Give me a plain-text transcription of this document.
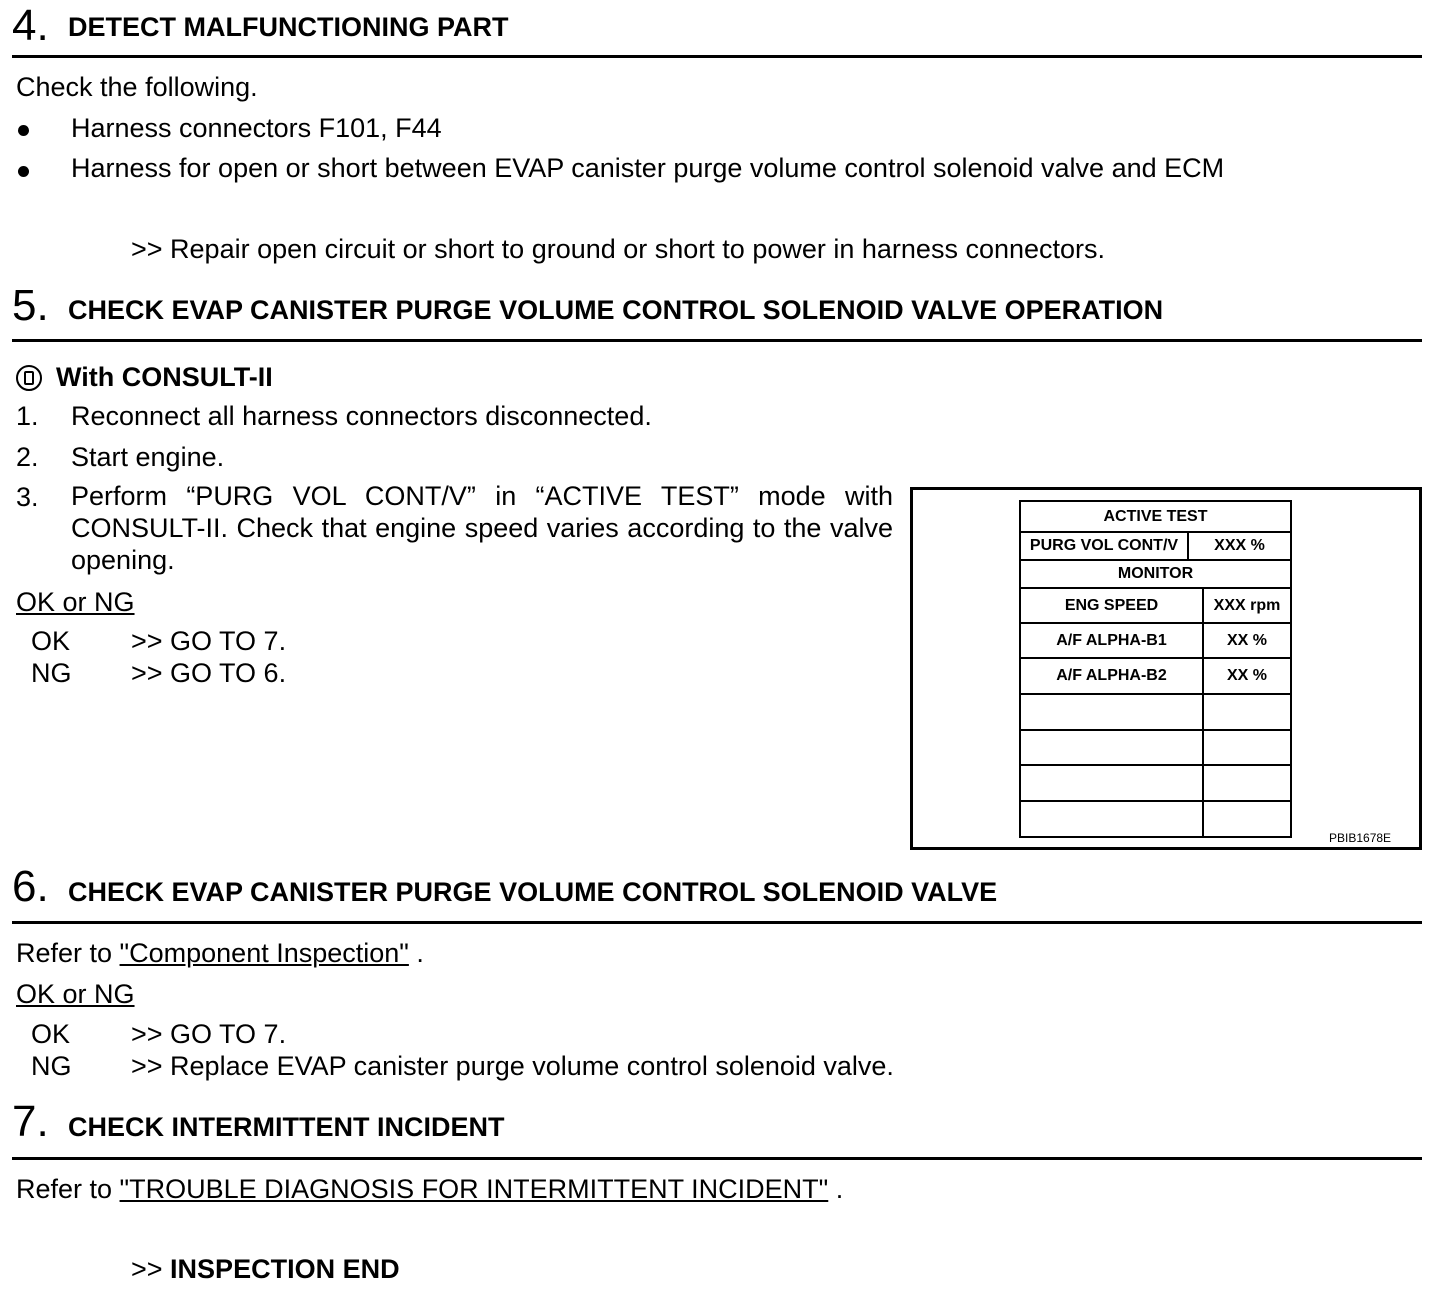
4. DETECT MALFUNCTIONING PART
Check the following.
Harness connectors F101, F44
Harness for open or short between EVAP canister purge volume control solenoid valve and ECM
>> Repair open circuit or short to ground or short to power in harness connectors.
5. CHECK EVAP CANISTER PURGE VOLUME CONTROL SOLENOID VALVE OPERATION
With CONSULT-II
1. Reconnect all harness connectors disconnected.
2. Start engine.
3. Perform “PURG VOL CONT/V” in “ACTIVE TEST” mode with CONSULT-II. Check that engine speed varies according to the valve opening.
OK or NG
OK >> GO TO 7.
NG >> GO TO 6.
ACTIVE TEST
PURG VOL CONT/V	XXX %
MONITOR
ENG SPEED	XXX rpm
A/F ALPHA-B1	XX %
A/F ALPHA-B2	XX %
PBIB1678E
6. CHECK EVAP CANISTER PURGE VOLUME CONTROL SOLENOID VALVE
Refer to "Component Inspection" .
OK or NG
OK >> GO TO 7.
NG >> Replace EVAP canister purge volume control solenoid valve.
7. CHECK INTERMITTENT INCIDENT
Refer to "TROUBLE DIAGNOSIS FOR INTERMITTENT INCIDENT" .
>> INSPECTION END
